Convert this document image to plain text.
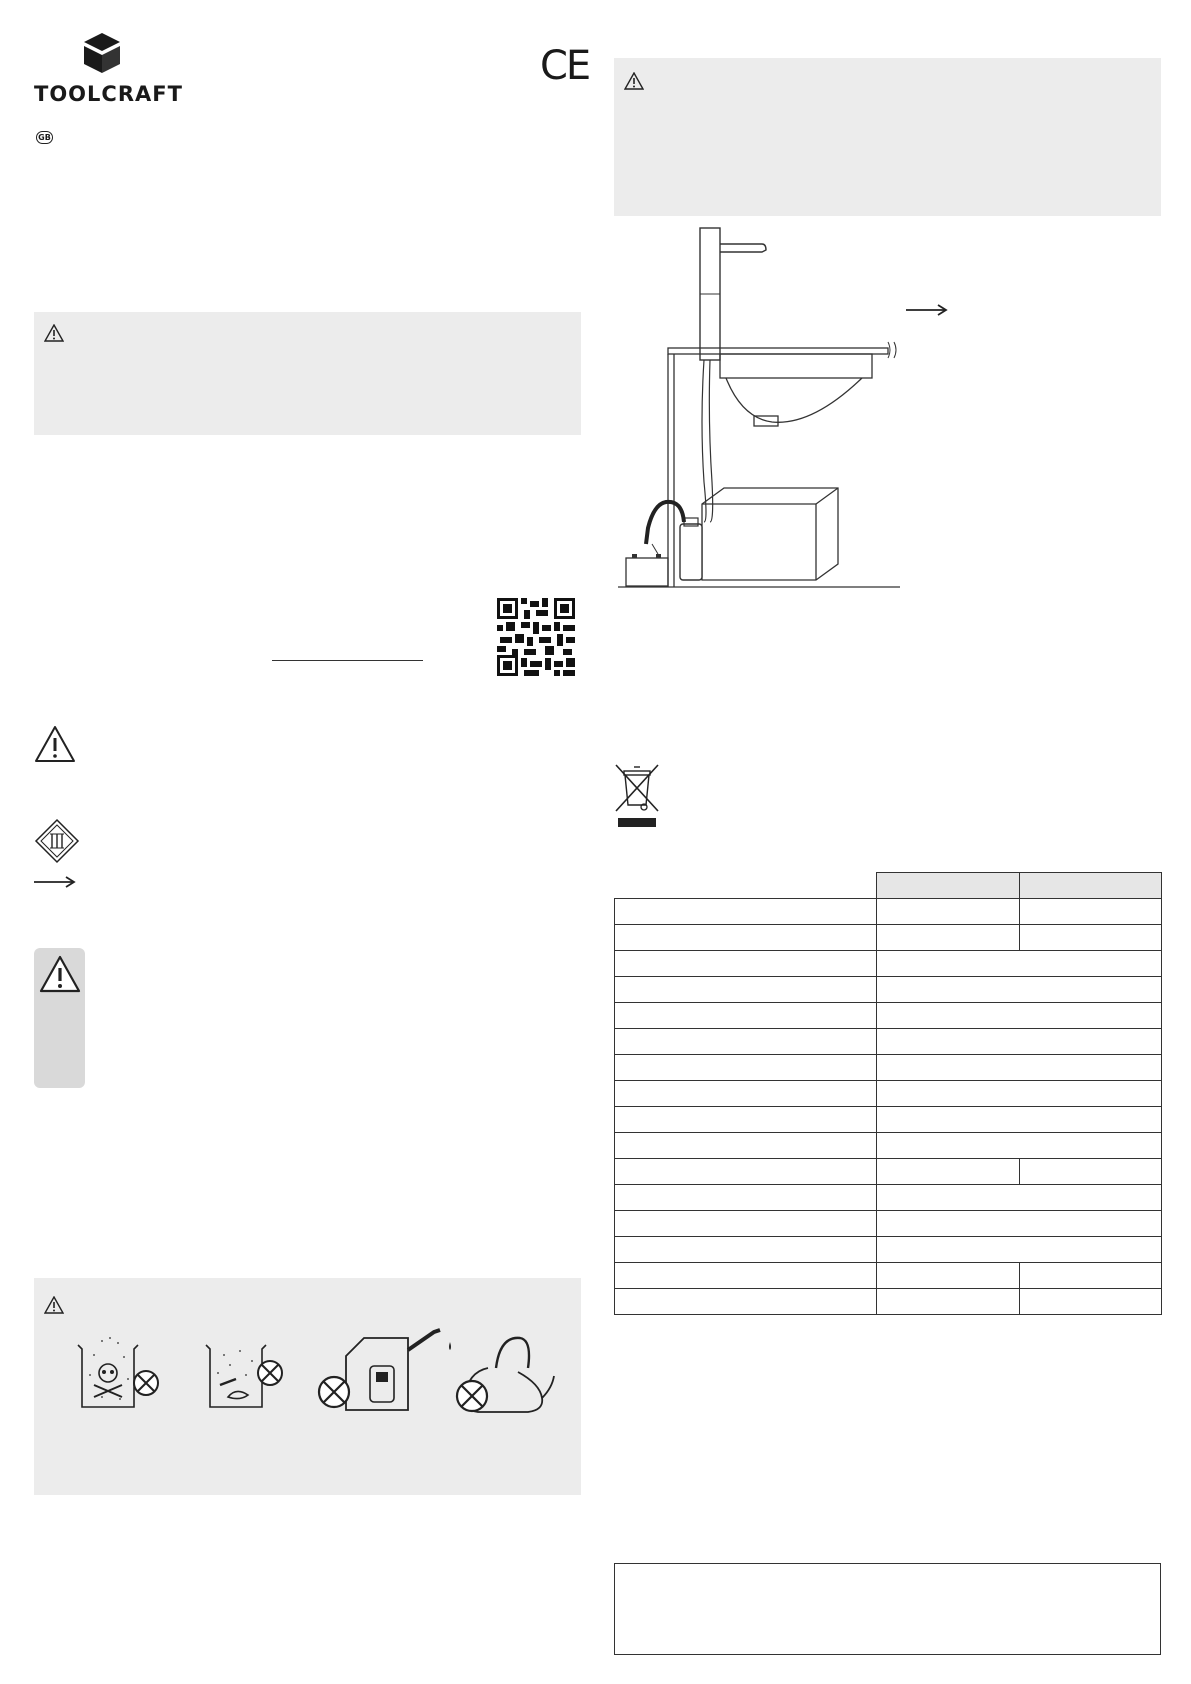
TOOLCRAFT
GB
CE
